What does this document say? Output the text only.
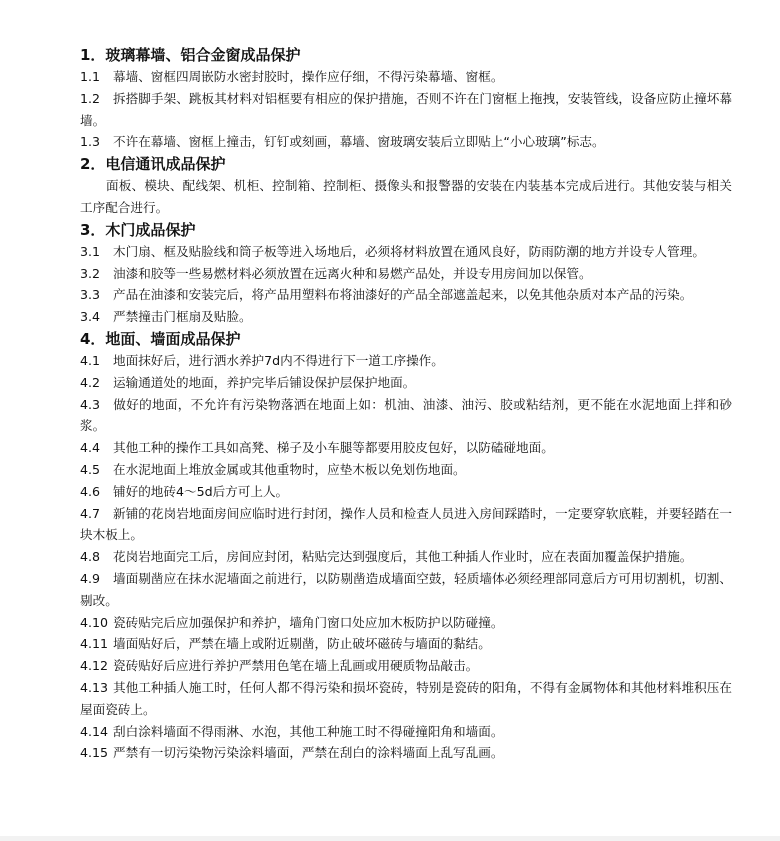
1．玻璃幕墙、铝合金窗成品保护

1.1 幕墙、窗框四周嵌防水密封胶时，操作应仔细，不得污染幕墙、窗框。

1.2 拆搭脚手架、跳板其材料对铝框要有相应的保护措施，否则不许在门窗框上拖拽，安装管线，设备应防止撞坏幕墙。

1.3 不许在幕墙、窗框上撞击，钉钉或刻画，幕墙、窗玻璃安装后立即贴上“小心玻璃”标志。

2．电信通讯成品保护

面板、模块、配线架、机柜、控制箱、控制柜、摄像头和报警器的安装在内装基本完成后进行。其他安装与相关工序配合进行。

3．木门成品保护

3.1 木门扇、框及贴脸线和筒子板等进入场地后，必须将材料放置在通风良好，防雨防潮的地方并设专人管理。

3.2 油漆和胶等一些易燃材料必须放置在远离火种和易燃产品处，并设专用房间加以保管。

3.3 产品在油漆和安装完后，将产品用塑料布将油漆好的产品全部遮盖起来，以免其他杂质对本产品的污染。

3.4 严禁撞击门框扇及贴脸。

4．地面、墙面成品保护

4.1 地面抹好后，进行洒水养护7d内不得进行下一道工序操作。

4.2 运输通道处的地面，养护完毕后铺设保护层保护地面。

4.3 做好的地面，不允许有污染物落洒在地面上如：机油、油漆、油污、胶或粘结剂，更不能在水泥地面上拌和砂浆。

4.4 其他工种的操作工具如高凳、梯子及小车腿等都要用胶皮包好，以防磕碰地面。

4.5 在水泥地面上堆放金属或其他重物时，应垫木板以免划伤地面。

4.6 铺好的地砖4～5d后方可上人。

4.7 新铺的花岗岩地面房间应临时进行封闭，操作人员和检查人员进入房间踩踏时，一定要穿软底鞋，并要轻踏在一块木板上。

4.8 花岗岩地面完工后，房间应封闭，粘贴完达到强度后，其他工种插人作业时，应在表面加覆盖保护措施。

4.9 墙面剔凿应在抹水泥墙面之前进行，以防剔凿造成墙面空鼓，轻质墙体必须经理部同意后方可用切割机，切割、剔改。

4.10 瓷砖贴完后应加强保护和养护，墙角门窗口处应加木板防护以防碰撞。

4.11 墙面贴好后，严禁在墙上或附近剔凿，防止破坏磁砖与墙面的黏结。

4.12 瓷砖贴好后应进行养护严禁用色笔在墙上乱画或用硬质物品敲击。

4.13 其他工种插人施工时，任何人都不得污染和损坏瓷砖，特别是瓷砖的阳角，不得有金属物体和其他材料堆积压在屋面瓷砖上。

4.14 刮白涂料墙面不得雨淋、水泡，其他工种施工时不得碰撞阳角和墙面。

4.15 严禁有一切污染物污染涂料墙面，严禁在刮白的涂料墙面上乱写乱画。
